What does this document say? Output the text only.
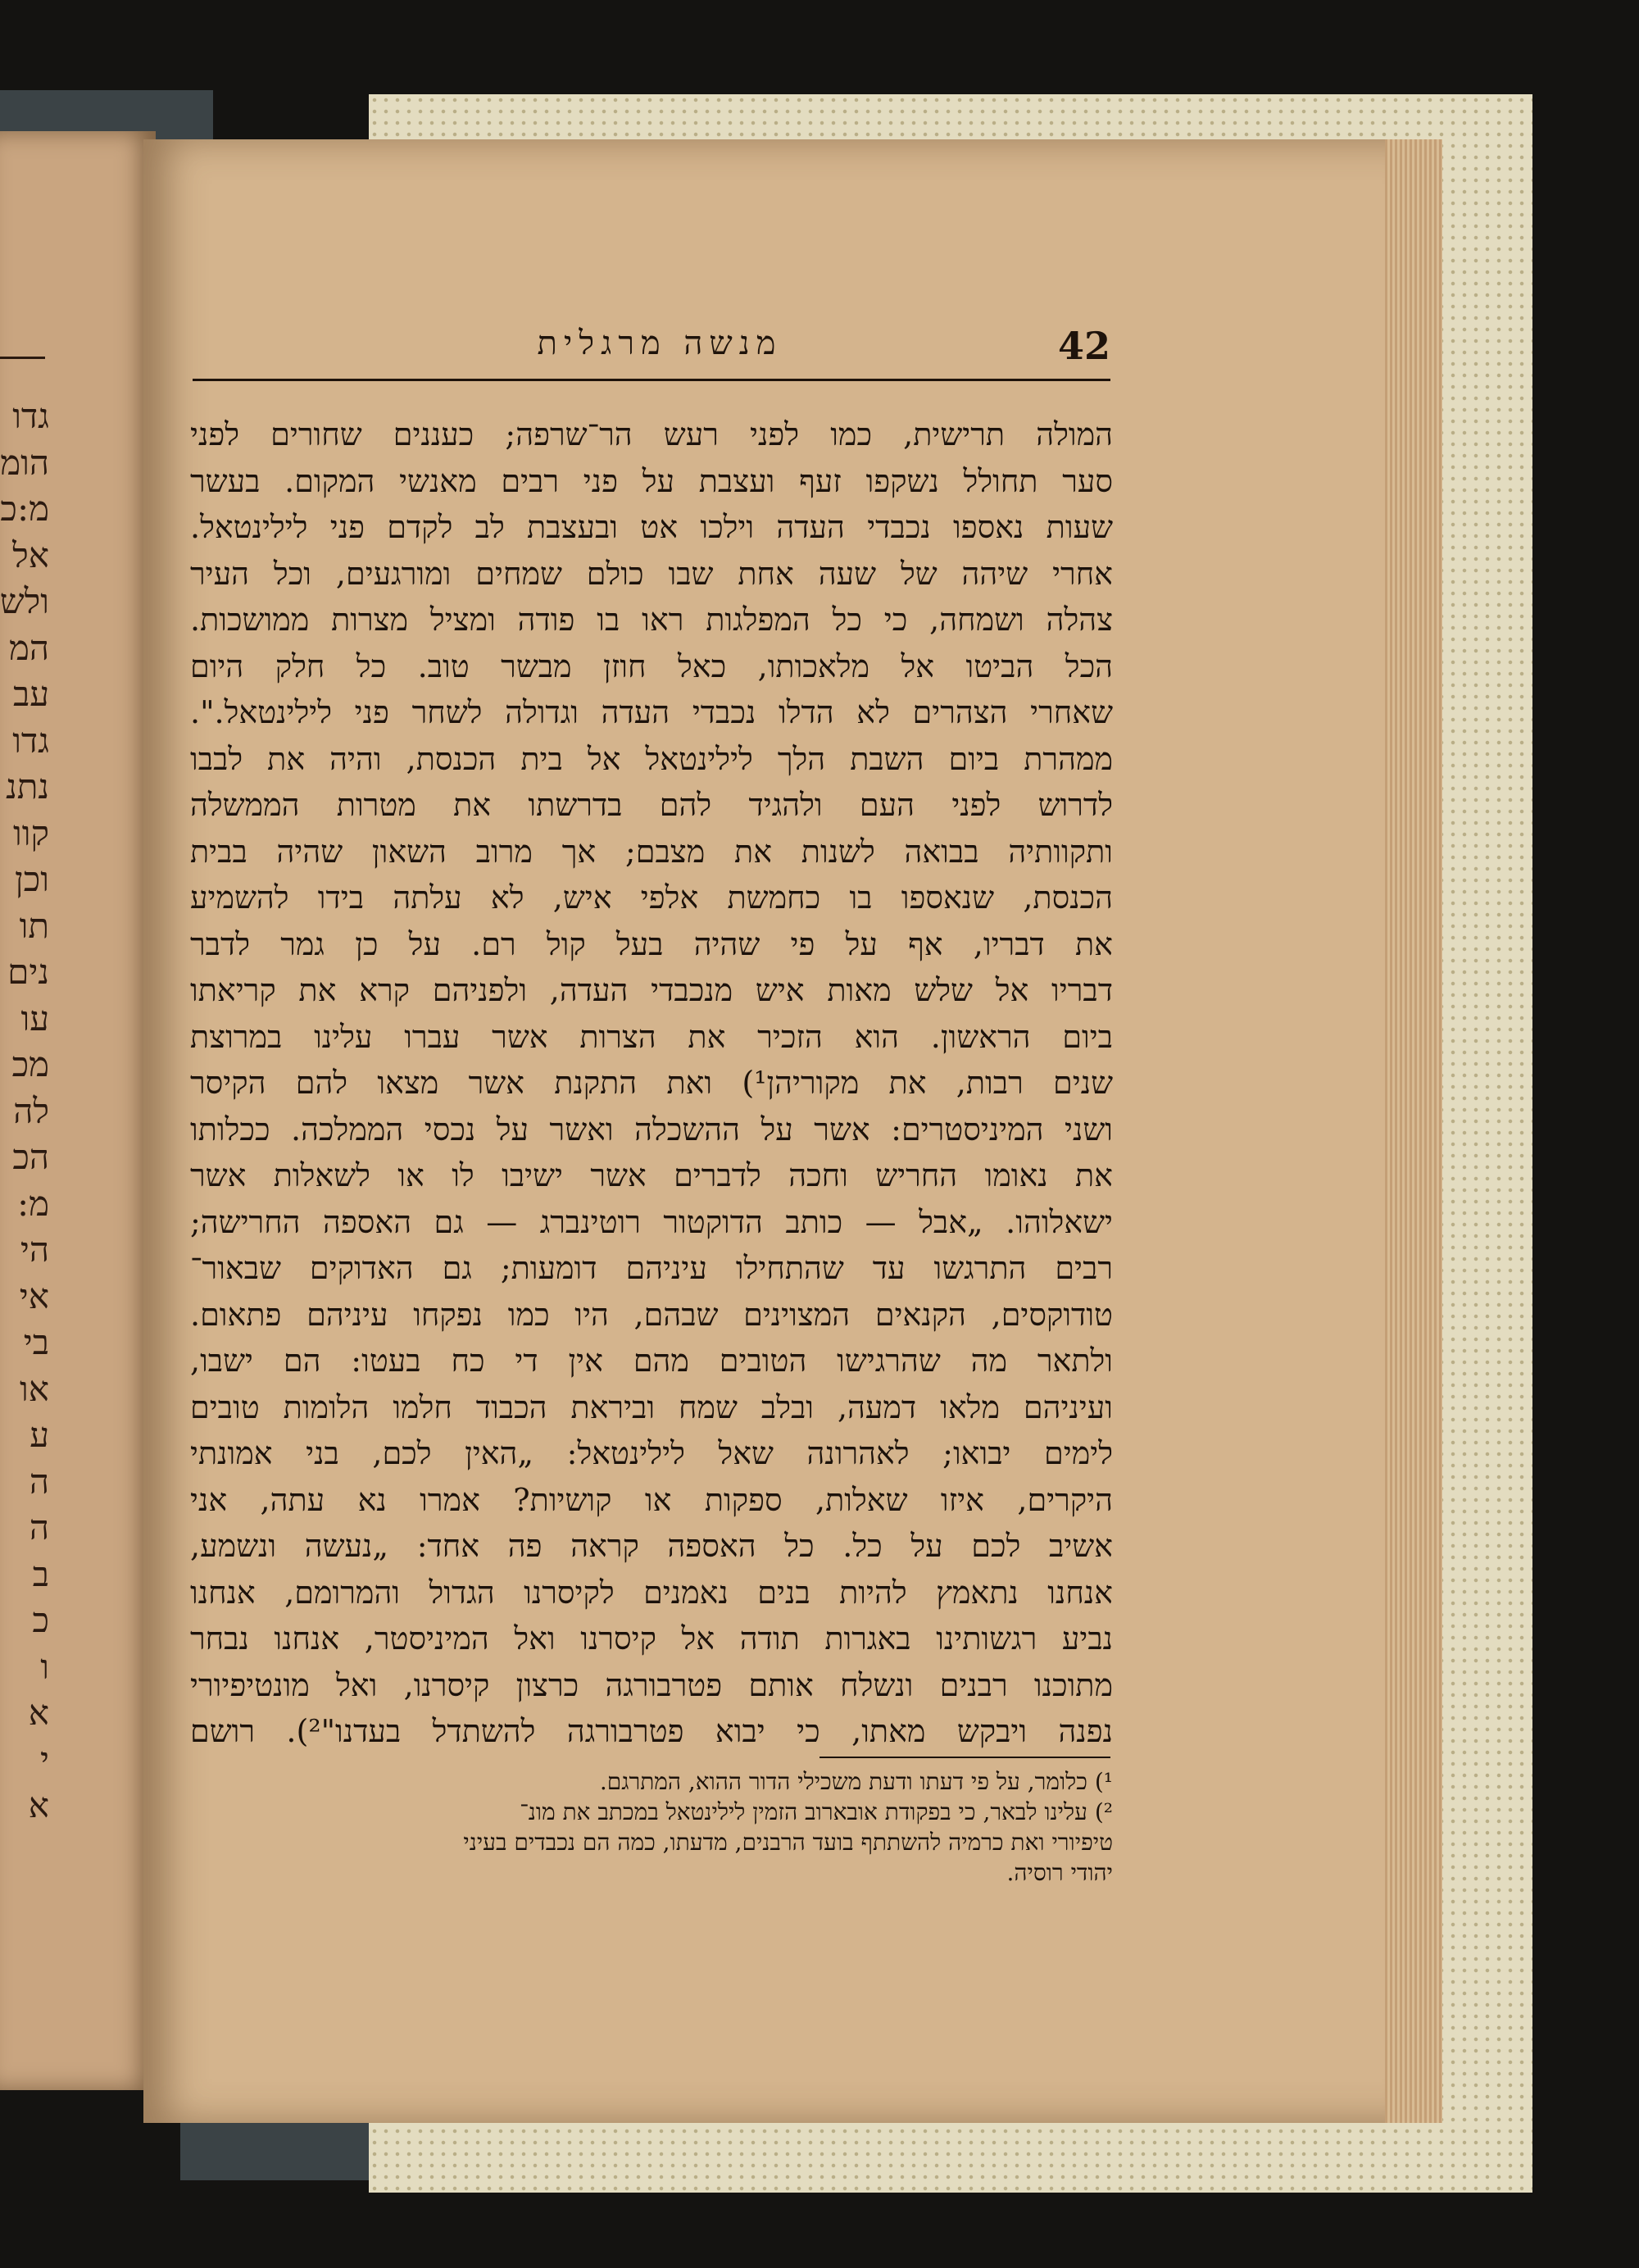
גדו
הומ
מ:כ
אל
ולש
המ
עב
גדו
נתנ
קוו
וכן
תו
נים
עו
מכ
לה
הכ
מ:
הי
אי
בי
או
ע
ה
ה
ב
כ
ו
א
י
א
42
מנשה מרגלית
המולה תרישית, כמו לפני רעש הר־שרפה; כעננים שחורים לפני
סער תחולל נשקפו זעף ועצבת על פני רבים מאנשי המקום. בעשר
שעות נאספו נכבדי העדה וילכו אט ובעצבת לב לקדם פני לילינטאל.
אחרי שיהה של שעה אחת שבו כולם שמחים ומורגעים, וכל העיר
צהלה ושמחה, כי כל המפלגות ראו בו פודה ומציל מצרות ממושכות.
הכל הביטו אל מלאכותו, כאל חוזן מבשר טוב. כל חלק היום
שאחרי הצהרים לא הדלו נכבדי העדה וגדולה לשחר פני לילינטאל.".
ממהרת ביום השבת הלך לילינטאל אל בית הכנסת, והיה את לבבו
לדרוש לפני העם ולהגיד להם בדרשתו את מטרות הממשלה
ותקוותיה בבואה לשנות את מצבם; אך מרוב השאון שהיה בבית
הכנסת, שנאספו בו כחמשת אלפי איש, לא עלתה בידו להשמיע
את דבריו, אף על פי שהיה בעל קול רם. על כן גמר לדבר
דבריו אל שלש מאות איש מנכבדי העדה, ולפניהם קרא את קריאתו
ביום הראשון. הוא הזכיר את הצרות אשר עברו עלינו במרוצת
שנים רבות, את מקוריהן¹) ואת התקנת אשר מצאו להם הקיסר
ושני המיניסטרים: אשר על ההשכלה ואשר על נכסי הממלכה. ככלותו
את נאומו החריש וחכה לדברים אשר ישיבו לו או לשאלות אשר
ישאלוהו. „אבל — כותב הדוקטור רוטינברג — גם האספה החרישה;
רבים התרגשו עד שהתחילו עיניהם דומעות; גם האדוקים שבאור־
טודוקסים, הקנאים המצוינים שבהם, היו כמו נפקחו עיניהם פתאום.
ולתאר מה שהרגישו הטובים מהם אין די כח בעטו: הם ישבו,
ועיניהם מלאו דמעה, ובלב שמח וביראת הכבוד חלמו הלומות טובים
לימים יבואו; לאהרונה שאל לילינטאל: „האין לכם, בני אמונתי
היקרים, איזו שאלות, ספקות או קושיות? אמרו נא עתה, אני
אשיב לכם על כל. כל האספה קראה פה אחד: „נעשה ונשמע,
אנחנו נתאמץ להיות בנים נאמנים לקיסרנו הגדול והמרומם, אנחנו
נביע רגשותינו באגרות תודה אל קיסרנו ואל המיניסטר, אנחנו נבחר
מתוכנו רבנים ונשלח אותם פטרבורגה כרצון קיסרנו, ואל מונטיפיורי
נפנה ויבקש מאתו, כי יבוא פטרבורגה להשתדל בעדנו"²). רושם
¹) כלומר, על פי דעתו ודעת משכילי הדור ההוא, המתרגם.
²) עלינו לבאר, כי בפקודת אובארוב הזמין לילינטאל במכתב את מונ־
טיפיורי ואת כרמיה להשתתף בועד הרבנים, מדעתו, כמה הם נכבדים בעיני
יהודי רוסיה.
